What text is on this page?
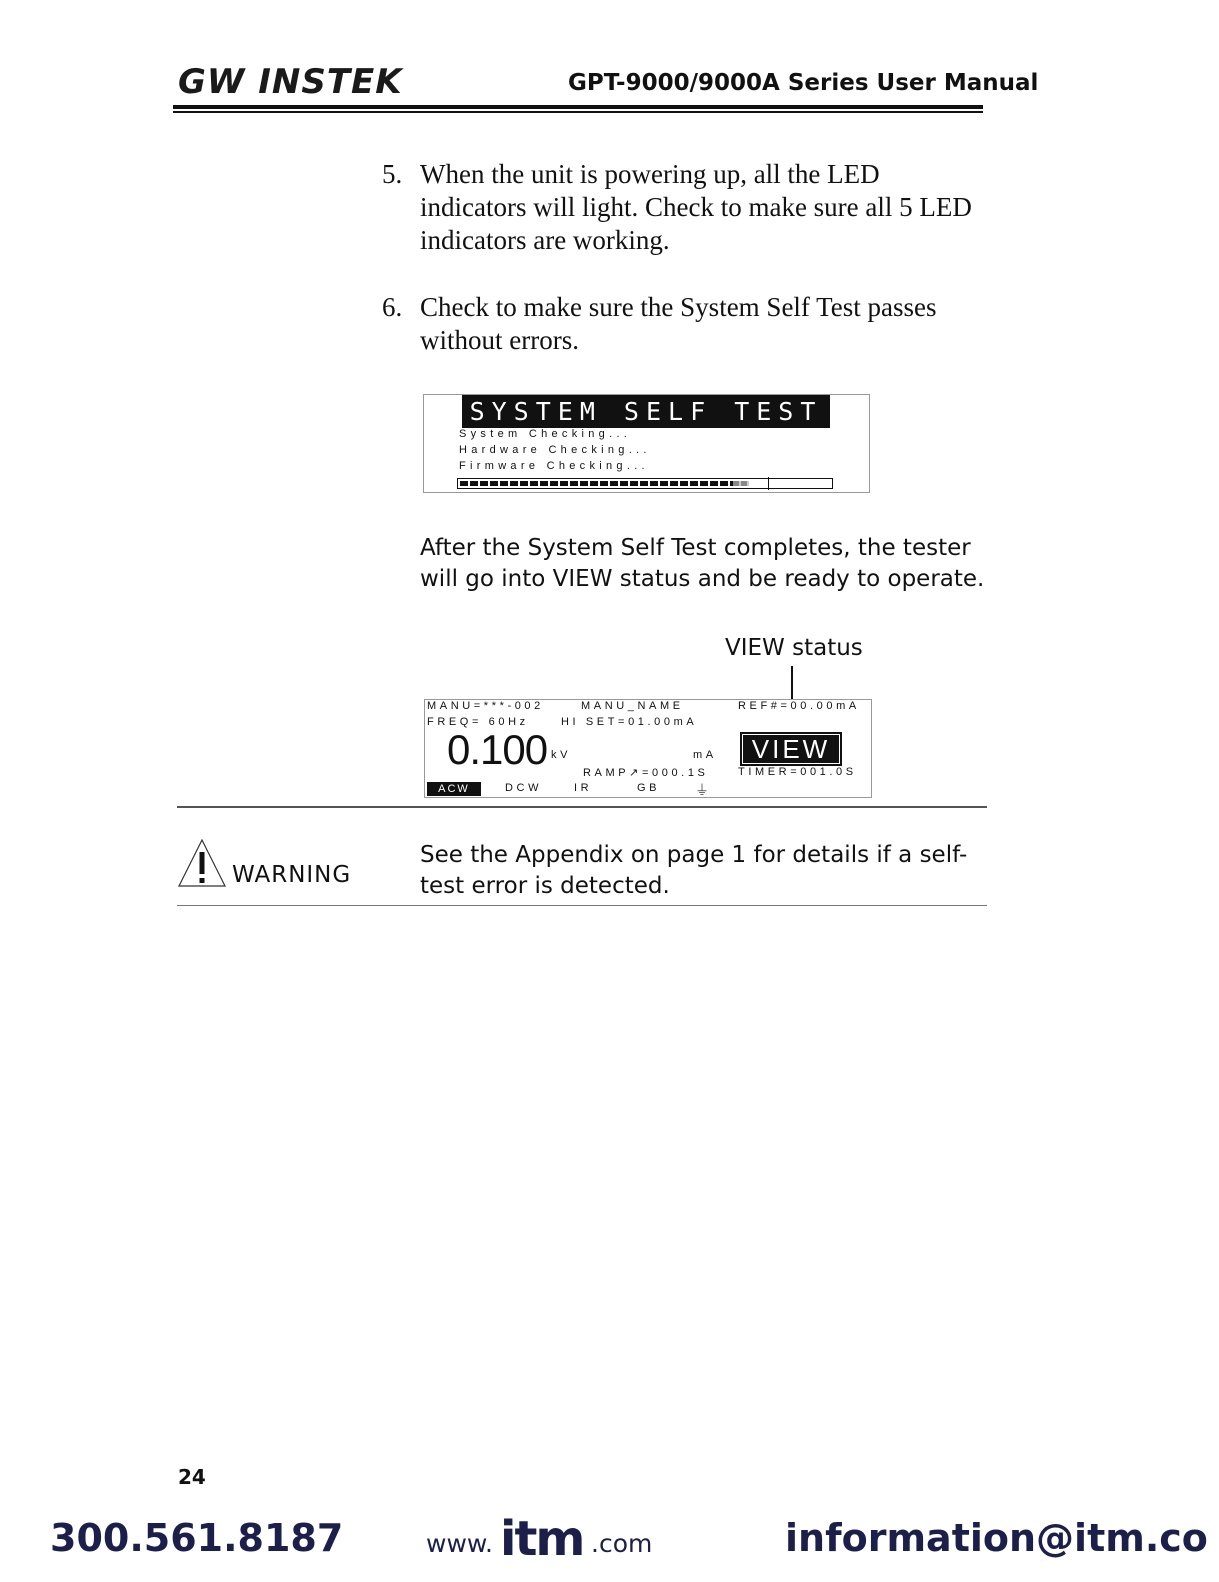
GW INSTEK	GPT-9000/9000A Series User Manual
5. When the unit is powering up, all the LED indicators will light. Check to make sure all 5 LED indicators are working.
6. Check to make sure the System Self Test passes without errors.
SYSTEM SELF TEST
System Checking...
Hardware Checking...
Firmware Checking...
After the System Self Test completes, the tester will go into VIEW status and be ready to operate.
VIEW status
MANU=***-002	MANU_NAME	REF#=00.00mA
FREQ= 60Hz	HI SET=01.00mA
0.100 kV	mA	VIEW
RAMP↗=000.1S	TIMER=001.0S
ACW	DCW	IR	GB ⏚
WARNING
See the Appendix on page 1 for details if a self-test error is detected.
24
300.561.8187	www. itm .com	information@itm.co
